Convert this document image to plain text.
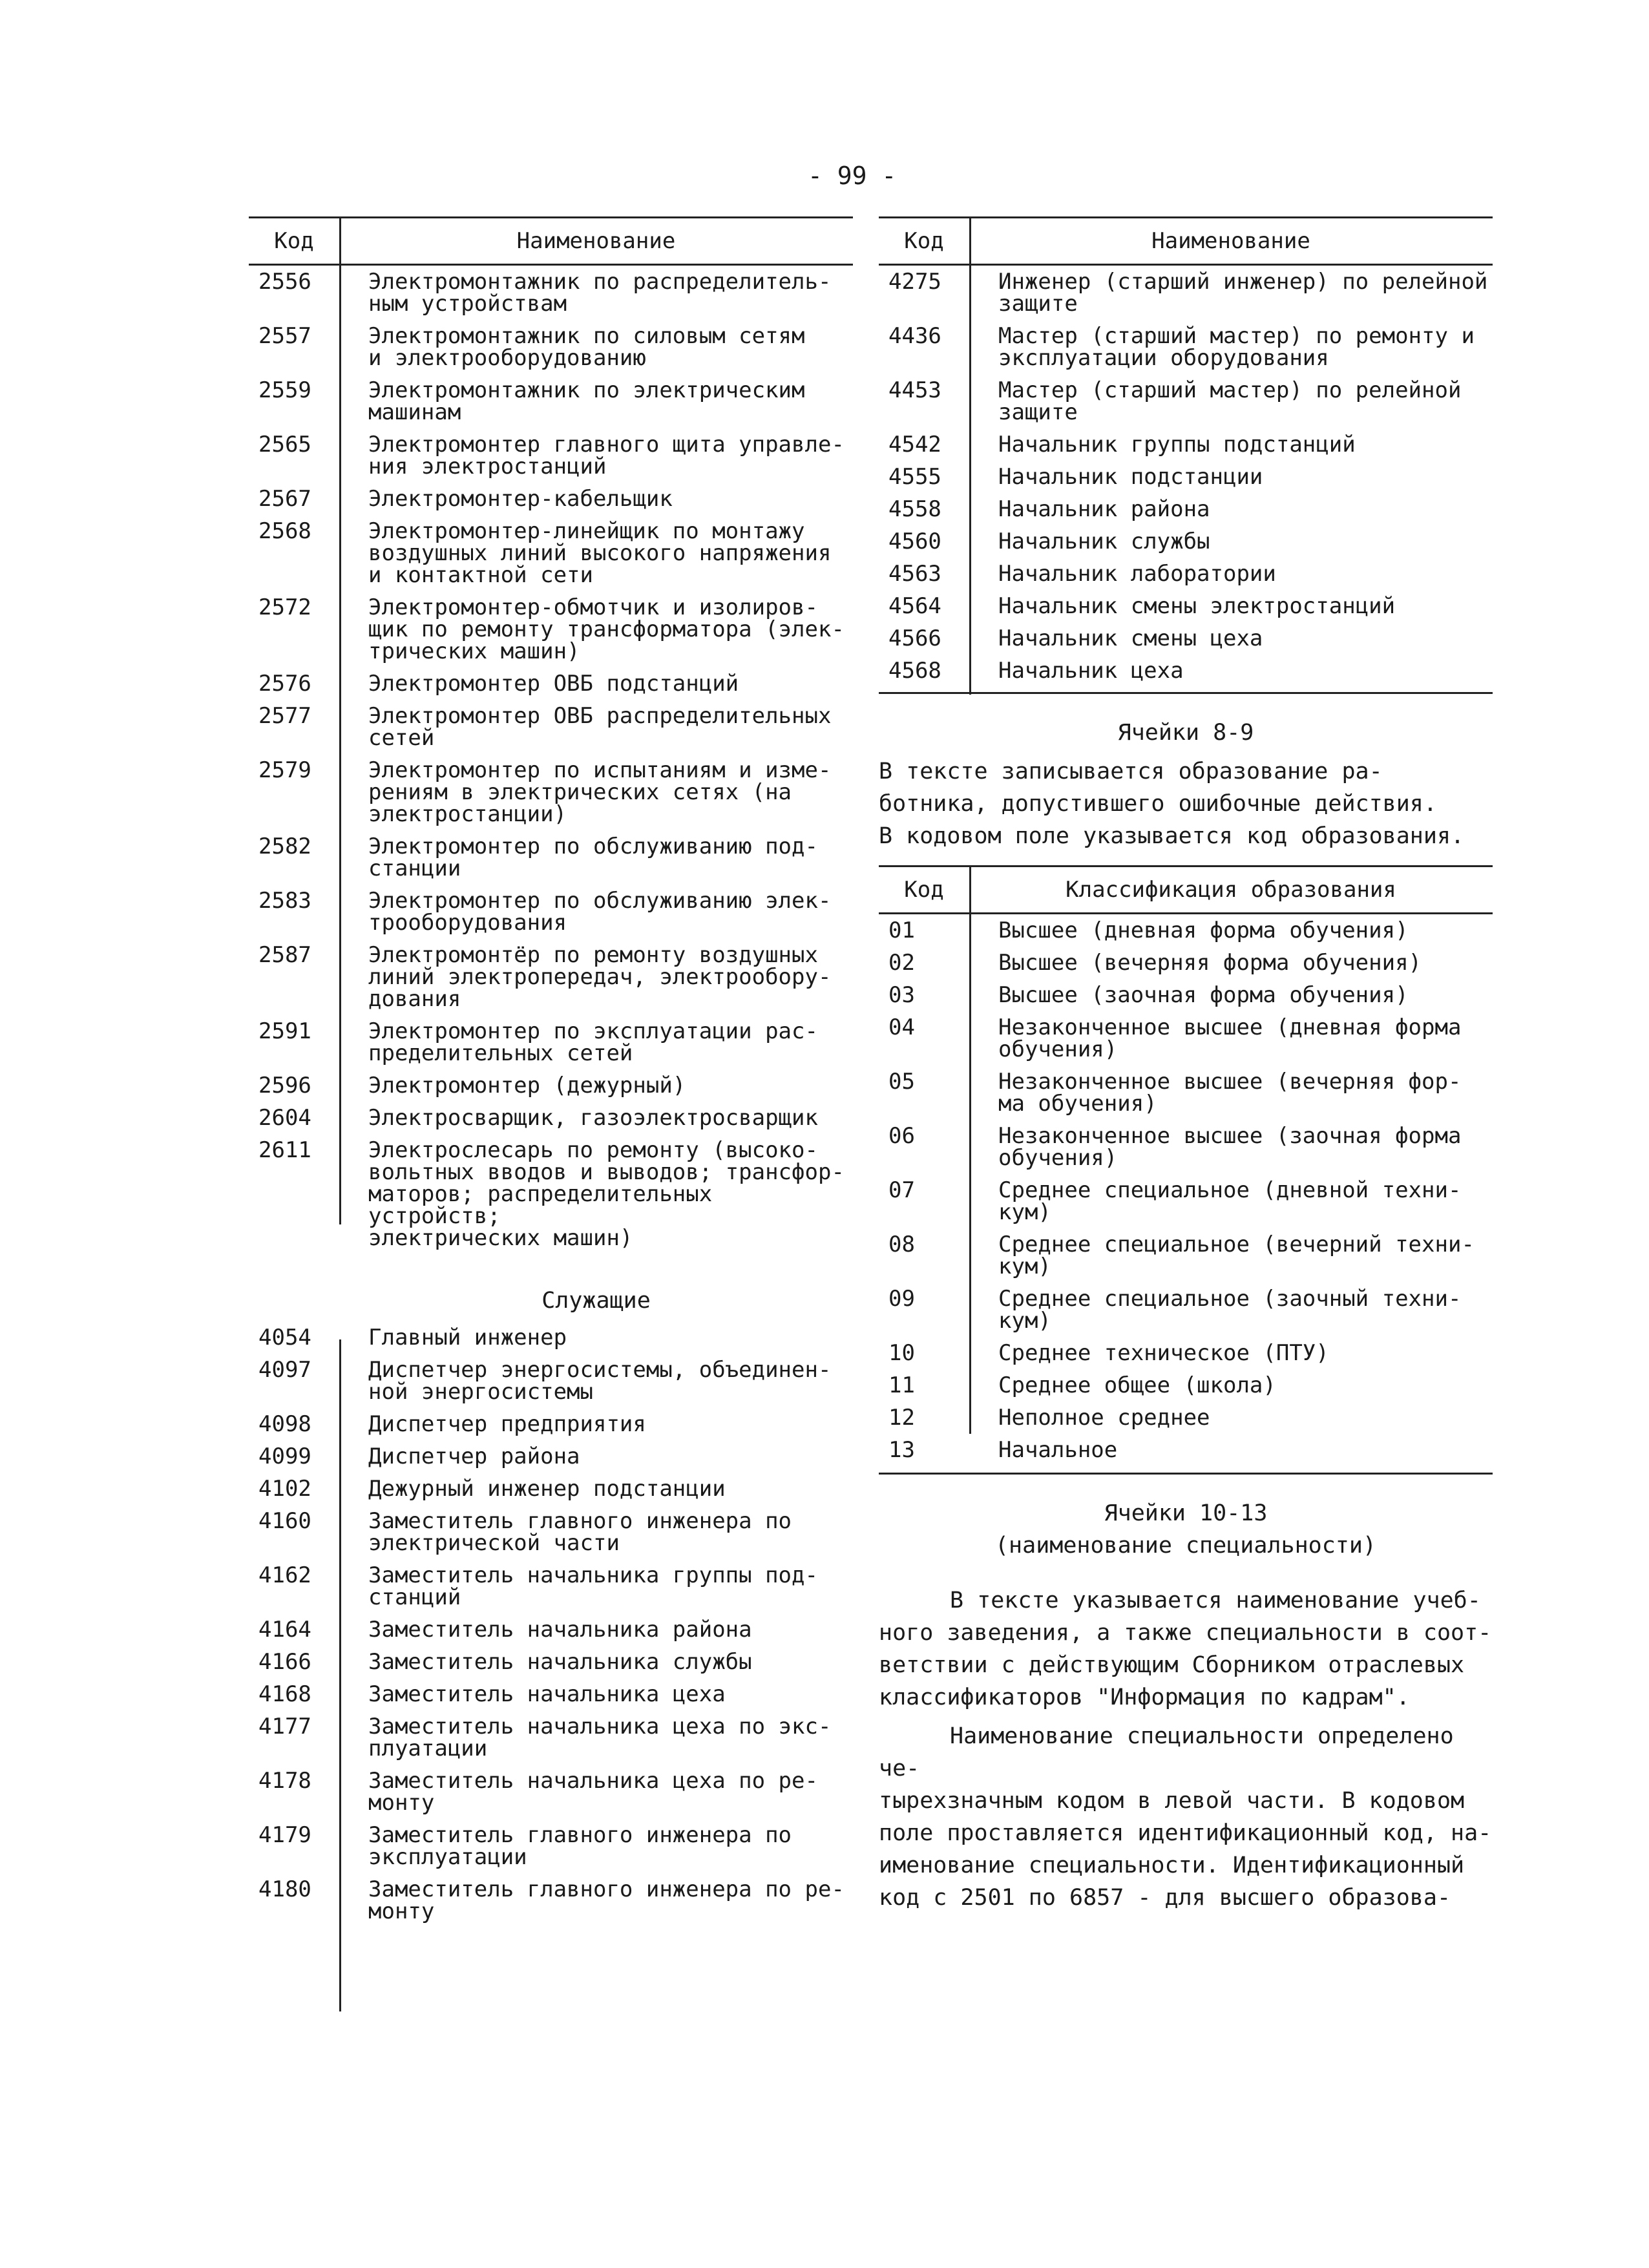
- 99 -
Код	Наименование
2556	Электромонтажник по распределитель-
ным устройствам
2557	Электромонтажник по силовым сетям
и электрооборудованию
2559	Электромонтажник по электрическим
машинам
2565	Электромонтер главного щита управле-
ния электростанций
2567	Электромонтер-кабельщик
2568	Электромонтер-линейщик по монтажу
воздушных линий высокого напряжения
и контактной сети
2572	Электромонтер-обмотчик и изолиров-
щик по ремонту трансформатора (элек-
трических машин)
2576	Электромонтер ОВБ подстанций
2577	Электромонтер ОВБ распределительных
сетей
2579	Электромонтер по испытаниям и изме-
рениям в электрических сетях (на
электростанции)
2582	Электромонтер по обслуживанию под-
станции
2583	Электромонтер по обслуживанию элек-
трооборудования
2587	Электромонтёр по ремонту воздушных
линий электропередач, электрообору-
дования
2591	Электромонтер по эксплуатации рас-
пределительных сетей
2596	Электромонтер (дежурный)
2604	Электросварщик, газоэлектросварщик
2611	Электрослесарь по ремонту (высоко-
вольтных вводов и выводов; трансфор-
маторов; распределительных устройств;
электрических машин)
Служащие
4054	Главный инженер
4097	Диспетчер энергосистемы, объединен-
ной энергосистемы
4098	Диспетчер предприятия
4099	Диспетчер района
4102	Дежурный инженер подстанции
4160	Заместитель главного инженера по
электрической части
4162	Заместитель начальника группы под-
станций
4164	Заместитель начальника района
4166	Заместитель начальника службы
4168	Заместитель начальника цеха
4177	Заместитель начальника цеха по экс-
плуатации
4178	Заместитель начальника цеха по ре-
монту
4179	Заместитель главного инженера по
эксплуатации
4180	Заместитель главного инженера по ре-
монту
Код	Наименование
4275	Инженер (старший инженер) по релейной
защите
4436	Мастер (старший мастер) по ремонту и
эксплуатации оборудования
4453	Мастер (старший мастер) по релейной
защите
4542	Начальник группы подстанций
4555	Начальник подстанции
4558	Начальник района
4560	Начальник службы
4563	Начальник лаборатории
4564	Начальник смены электростанций
4566	Начальник смены цеха
4568	Начальник цеха
Ячейки 8-9
В тексте записывается образование ра-
ботника, допустившего ошибочные действия.
В кодовом поле указывается код образования.
Код	Классификация образования
01	Высшее (дневная форма обучения)
02	Высшее (вечерняя форма обучения)
03	Высшее (заочная форма обучения)
04	Незаконченное высшее (дневная форма
обучения)
05	Незаконченное высшее (вечерняя фор-
ма обучения)
06	Незаконченное высшее (заочная форма
обучения)
07	Среднее специальное (дневной техни-
кум)
08	Среднее специальное (вечерний техни-
кум)
09	Среднее специальное (заочный техни-
кум)
10	Среднее техническое (ПТУ)
11	Среднее общее (школа)
12	Неполное среднее
13	Начальное
Ячейки 10-13
(наименование специальности)
В тексте указывается наименование учеб-
ного заведения, а также специальности в соот-
ветствии с действующим Сборником отраслевых
классификаторов "Информация по кадрам".
Наименование специальности определено че-
тырехзначным кодом в левой части. В кодовом
поле проставляется идентификационный код, на-
именование специальности. Идентификационный
код с 2501 по 6857 - для высшего образова-
